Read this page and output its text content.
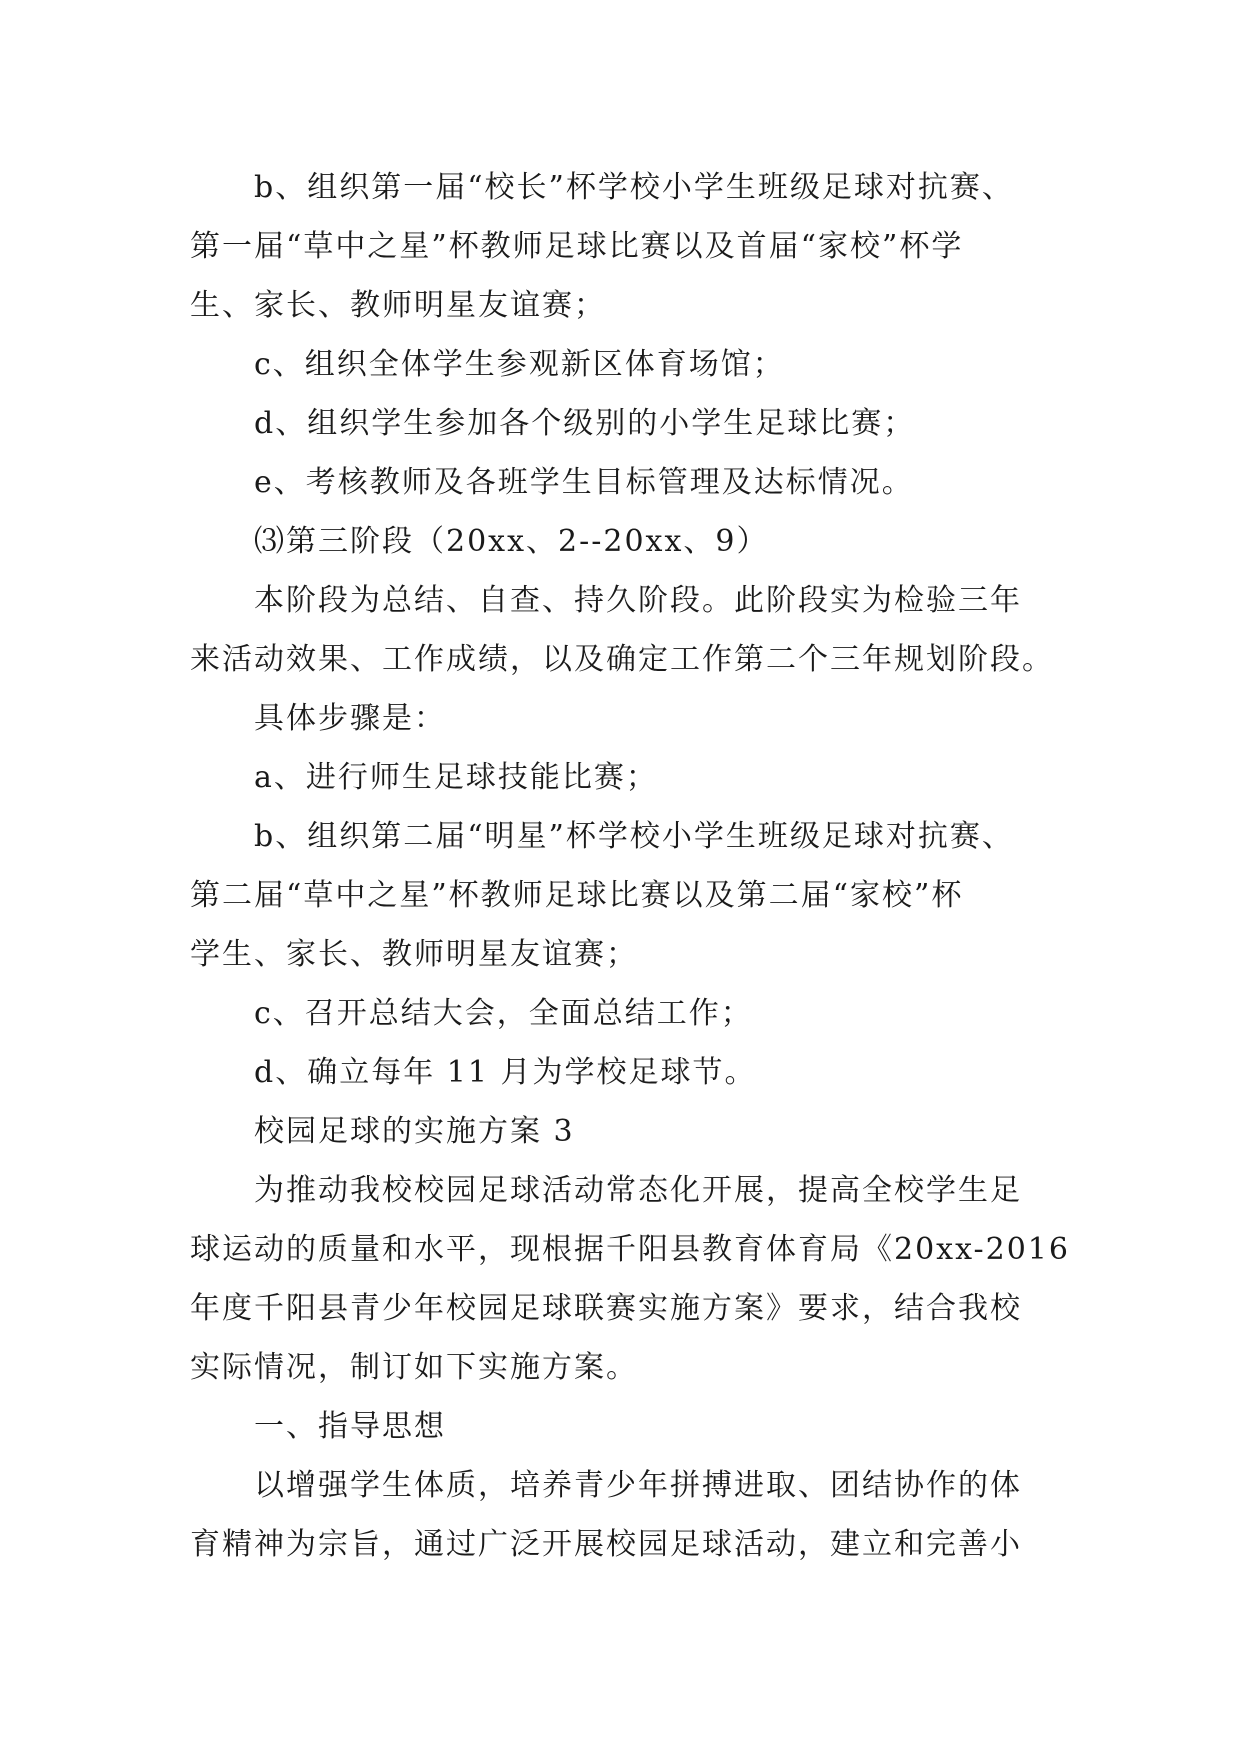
b、组织第一届“校长”杯学校小学生班级足球对抗赛、
第一届“草中之星”杯教师足球比赛以及首届“家校”杯学
生、家长、教师明星友谊赛；

c、组织全体学生参观新区体育场馆；

d、组织学生参加各个级别的小学生足球比赛；

e、考核教师及各班学生目标管理及达标情况。

⑶第三阶段（20xx、2--20xx、9）

本阶段为总结、自查、持久阶段。此阶段实为检验三年
来活动效果、工作成绩，以及确定工作第二个三年规划阶段。

具体步骤是：

a、进行师生足球技能比赛；

b、组织第二届“明星”杯学校小学生班级足球对抗赛、
第二届“草中之星”杯教师足球比赛以及第二届“家校”杯
学生、家长、教师明星友谊赛；

c、召开总结大会，全面总结工作；

d、确立每年 11 月为学校足球节。

校园足球的实施方案 3

为推动我校校园足球活动常态化开展，提高全校学生足
球运动的质量和水平，现根据千阳县教育体育局《20xx-2016
年度千阳县青少年校园足球联赛实施方案》要求，结合我校
实际情况，制订如下实施方案。

一、指导思想

以增强学生体质，培养青少年拼搏进取、团结协作的体
育精神为宗旨，通过广泛开展校园足球活动，建立和完善小
